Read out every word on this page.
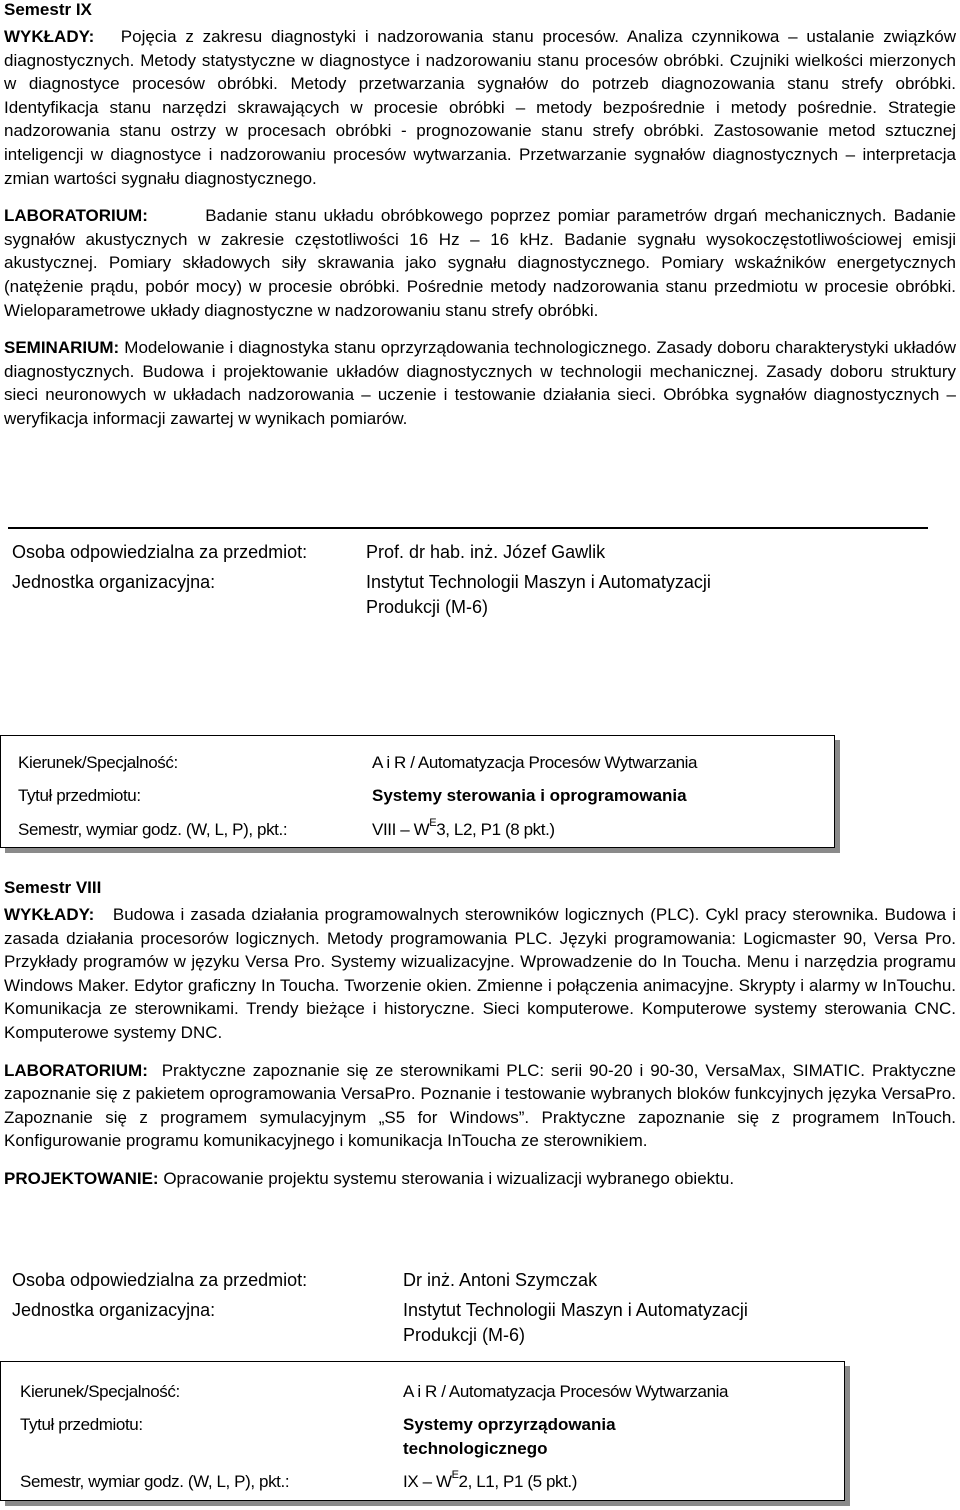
Semestr IX

WYKŁADY: Pojęcia z zakresu diagnostyki i nadzorowania stanu procesów. Analiza czynnikowa – ustalanie związków diagnostycznych. Metody statystyczne w diagnostyce i nadzorowaniu stanu procesów obróbki. Czujniki wielkości mierzonych w diagnostyce procesów obróbki. Metody przetwarzania sygnałów do potrzeb diagnozowania stanu strefy obróbki. Identyfikacja stanu narzędzi skrawających w procesie obróbki – metody bezpośrednie i metody pośrednie. Strategie nadzorowania stanu ostrzy w procesach obróbki - prognozowanie stanu strefy obróbki. Zastosowanie metod sztucznej inteligencji w diagnostyce i nadzorowaniu procesów wytwarzania. Przetwarzanie sygnałów diagnostycznych – interpretacja zmian wartości sygnału diagnostycznego.

LABORATORIUM:	Badanie stanu układu obróbkowego poprzez pomiar parametrów drgań mechanicznych. Badanie sygnałów akustycznych w zakresie częstotliwości 16 Hz – 16 kHz. Badanie sygnału wysokoczęstotliwościowej emisji akustycznej. Pomiary składowych siły skrawania jako sygnału diagnostycznego. Pomiary wskaźników energetycznych (natężenie prądu, pobór mocy) w procesie obróbki. Pośrednie metody nadzorowania stanu przedmiotu w procesie obróbki. Wieloparametrowe układy diagnostyczne w nadzorowaniu stanu strefy obróbki.

SEMINARIUM: Modelowanie i diagnostyka stanu oprzyrządowania technologicznego. Zasady doboru charakterystyki układów diagnostycznych. Budowa i projektowanie układów diagnostycznych w technologii mechanicznej. Zasady doboru struktury sieci neuronowych w układach nadzorowania – uczenie i testowanie działania sieci. Obróbka sygnałów diagnostycznych – weryfikacja informacji zawartej w wynikach pomiarów.

Osoba odpowiedzialna za przedmiot:	Prof. dr hab. inż. Józef Gawlik
Jednostka organizacyjna:	Instytut Technologii Maszyn i Automatyzacji
Produkcji (M-6)
Kierunek/Specjalność:	A i R / Automatyzacja Procesów Wytwarzania
Tytuł przedmiotu:	Systemy sterowania i oprogramowania
Semestr, wymiar godz. (W, L, P), pkt.:	VIII – $W^E3$, L2, P1 (8 pkt.)

Semestr VIII

WYKŁADY: Budowa i zasada działania programowalnych sterowników logicznych (PLC). Cykl pracy sterownika. Budowa i zasada działania procesorów logicznych. Metody programowania PLC. Języki programowania: Logicmaster 90, Versa Pro. Przykłady programów w języku Versa Pro. Systemy wizualizacyjne. Wprowadzenie do In Toucha. Menu i narzędzia programu Windows Maker. Edytor graficzny In Toucha. Tworzenie okien. Zmienne i połączenia animacyjne. Skrypty i alarmy w InTouchu. Komunikacja ze sterownikami. Trendy bieżące i historyczne. Sieci komputerowe. Komputerowe systemy sterowania CNC. Komputerowe systemy DNC.

LABORATORIUM: Praktyczne zapoznanie się ze sterownikami PLC: serii 90-20 i 90-30, VersaMax, SIMATIC. Praktyczne zapoznanie się z pakietem oprogramowania VersaPro. Poznanie i testowanie wybranych bloków funkcyjnych języka VersaPro. Zapoznanie się z programem symulacyjnym „S5 for Windows”. Praktyczne zapoznanie się z programem InTouch. Konfigurowanie programu komunikacyjnego i komunikacja InToucha ze sterownikiem.

PROJEKTOWANIE: Opracowanie projektu systemu sterowania i wizualizacji wybranego obiektu.

Osoba odpowiedzialna za przedmiot:	Dr inż. Antoni Szymczak
Jednostka organizacyjna:	Instytut Technologii Maszyn i Automatyzacji
Produkcji (M-6)
Kierunek/Specjalność:	A i R / Automatyzacja Procesów Wytwarzania
Tytuł przedmiotu:	Systemy oprzyrządowania
technologicznego
Semestr, wymiar godz. (W, L, P), pkt.:	IX – $W^E2$, L1, P1 (5 pkt.)
